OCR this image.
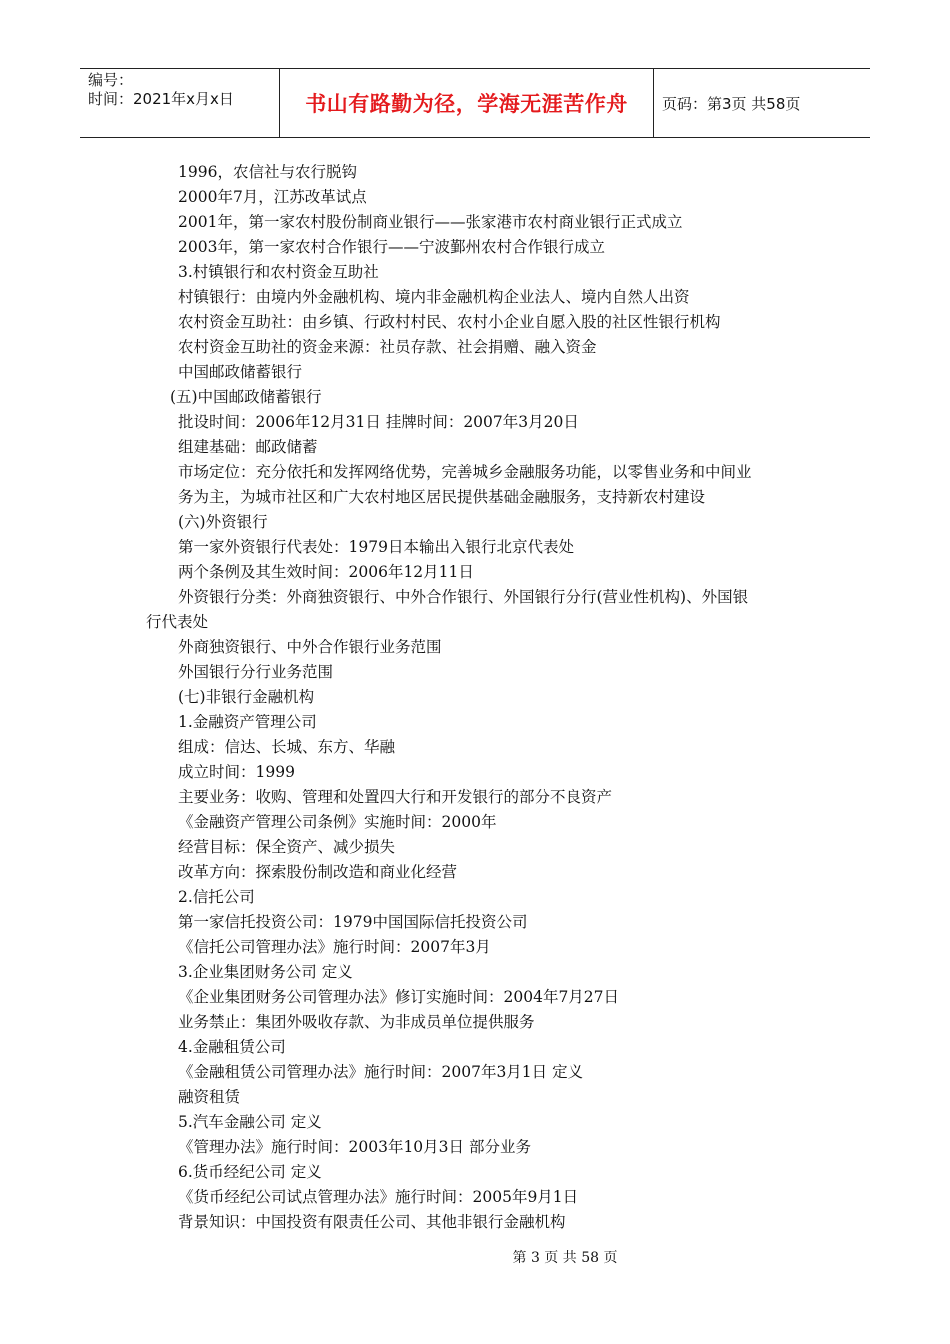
编号：
时间：2021年x月x日	书山有路勤为径，学海无涯苦作舟	页码：第3页 共58页
1996，农信社与农行脱钩
2000年7月，江苏改革试点
2001年，第一家农村股份制商业银行——张家港市农村商业银行正式成立
2003年，第一家农村合作银行——宁波鄞州农村合作银行成立
3.村镇银行和农村资金互助社
村镇银行：由境内外金融机构、境内非金融机构企业法人、境内自然人出资
农村资金互助社：由乡镇、行政村村民、农村小企业自愿入股的社区性银行机构
农村资金互助社的资金来源：社员存款、社会捐赠、融入资金
中国邮政储蓄银行
(五)中国邮政储蓄银行
批设时间：2006年12月31日 挂牌时间：2007年3月20日
组建基础：邮政储蓄
市场定位：充分依托和发挥网络优势，完善城乡金融服务功能，以零售业务和中间业
务为主，为城市社区和广大农村地区居民提供基础金融服务，支持新农村建设
(六)外资银行
第一家外资银行代表处：1979日本输出入银行北京代表处
两个条例及其生效时间：2006年12月11日
外资银行分类：外商独资银行、中外合作银行、外国银行分行(营业性机构)、外国银
行代表处
外商独资银行、中外合作银行业务范围
外国银行分行业务范围
(七)非银行金融机构
1.金融资产管理公司
组成：信达、长城、东方、华融
成立时间：1999
主要业务：收购、管理和处置四大行和开发银行的部分不良资产
《金融资产管理公司条例》实施时间：2000年
经营目标：保全资产、减少损失
改革方向：探索股份制改造和商业化经营
2.信托公司
第一家信托投资公司：1979中国国际信托投资公司
《信托公司管理办法》施行时间：2007年3月
3.企业集团财务公司 定义
《企业集团财务公司管理办法》修订实施时间：2004年7月27日
业务禁止：集团外吸收存款、为非成员单位提供服务
4.金融租赁公司
《金融租赁公司管理办法》施行时间：2007年3月1日 定义
融资租赁
5.汽车金融公司 定义
《管理办法》施行时间：2003年10月3日 部分业务
6.货币经纪公司 定义
《货币经纪公司试点管理办法》施行时间：2005年9月1日
背景知识：中国投资有限责任公司、其他非银行金融机构
第 3 页 共 58 页
